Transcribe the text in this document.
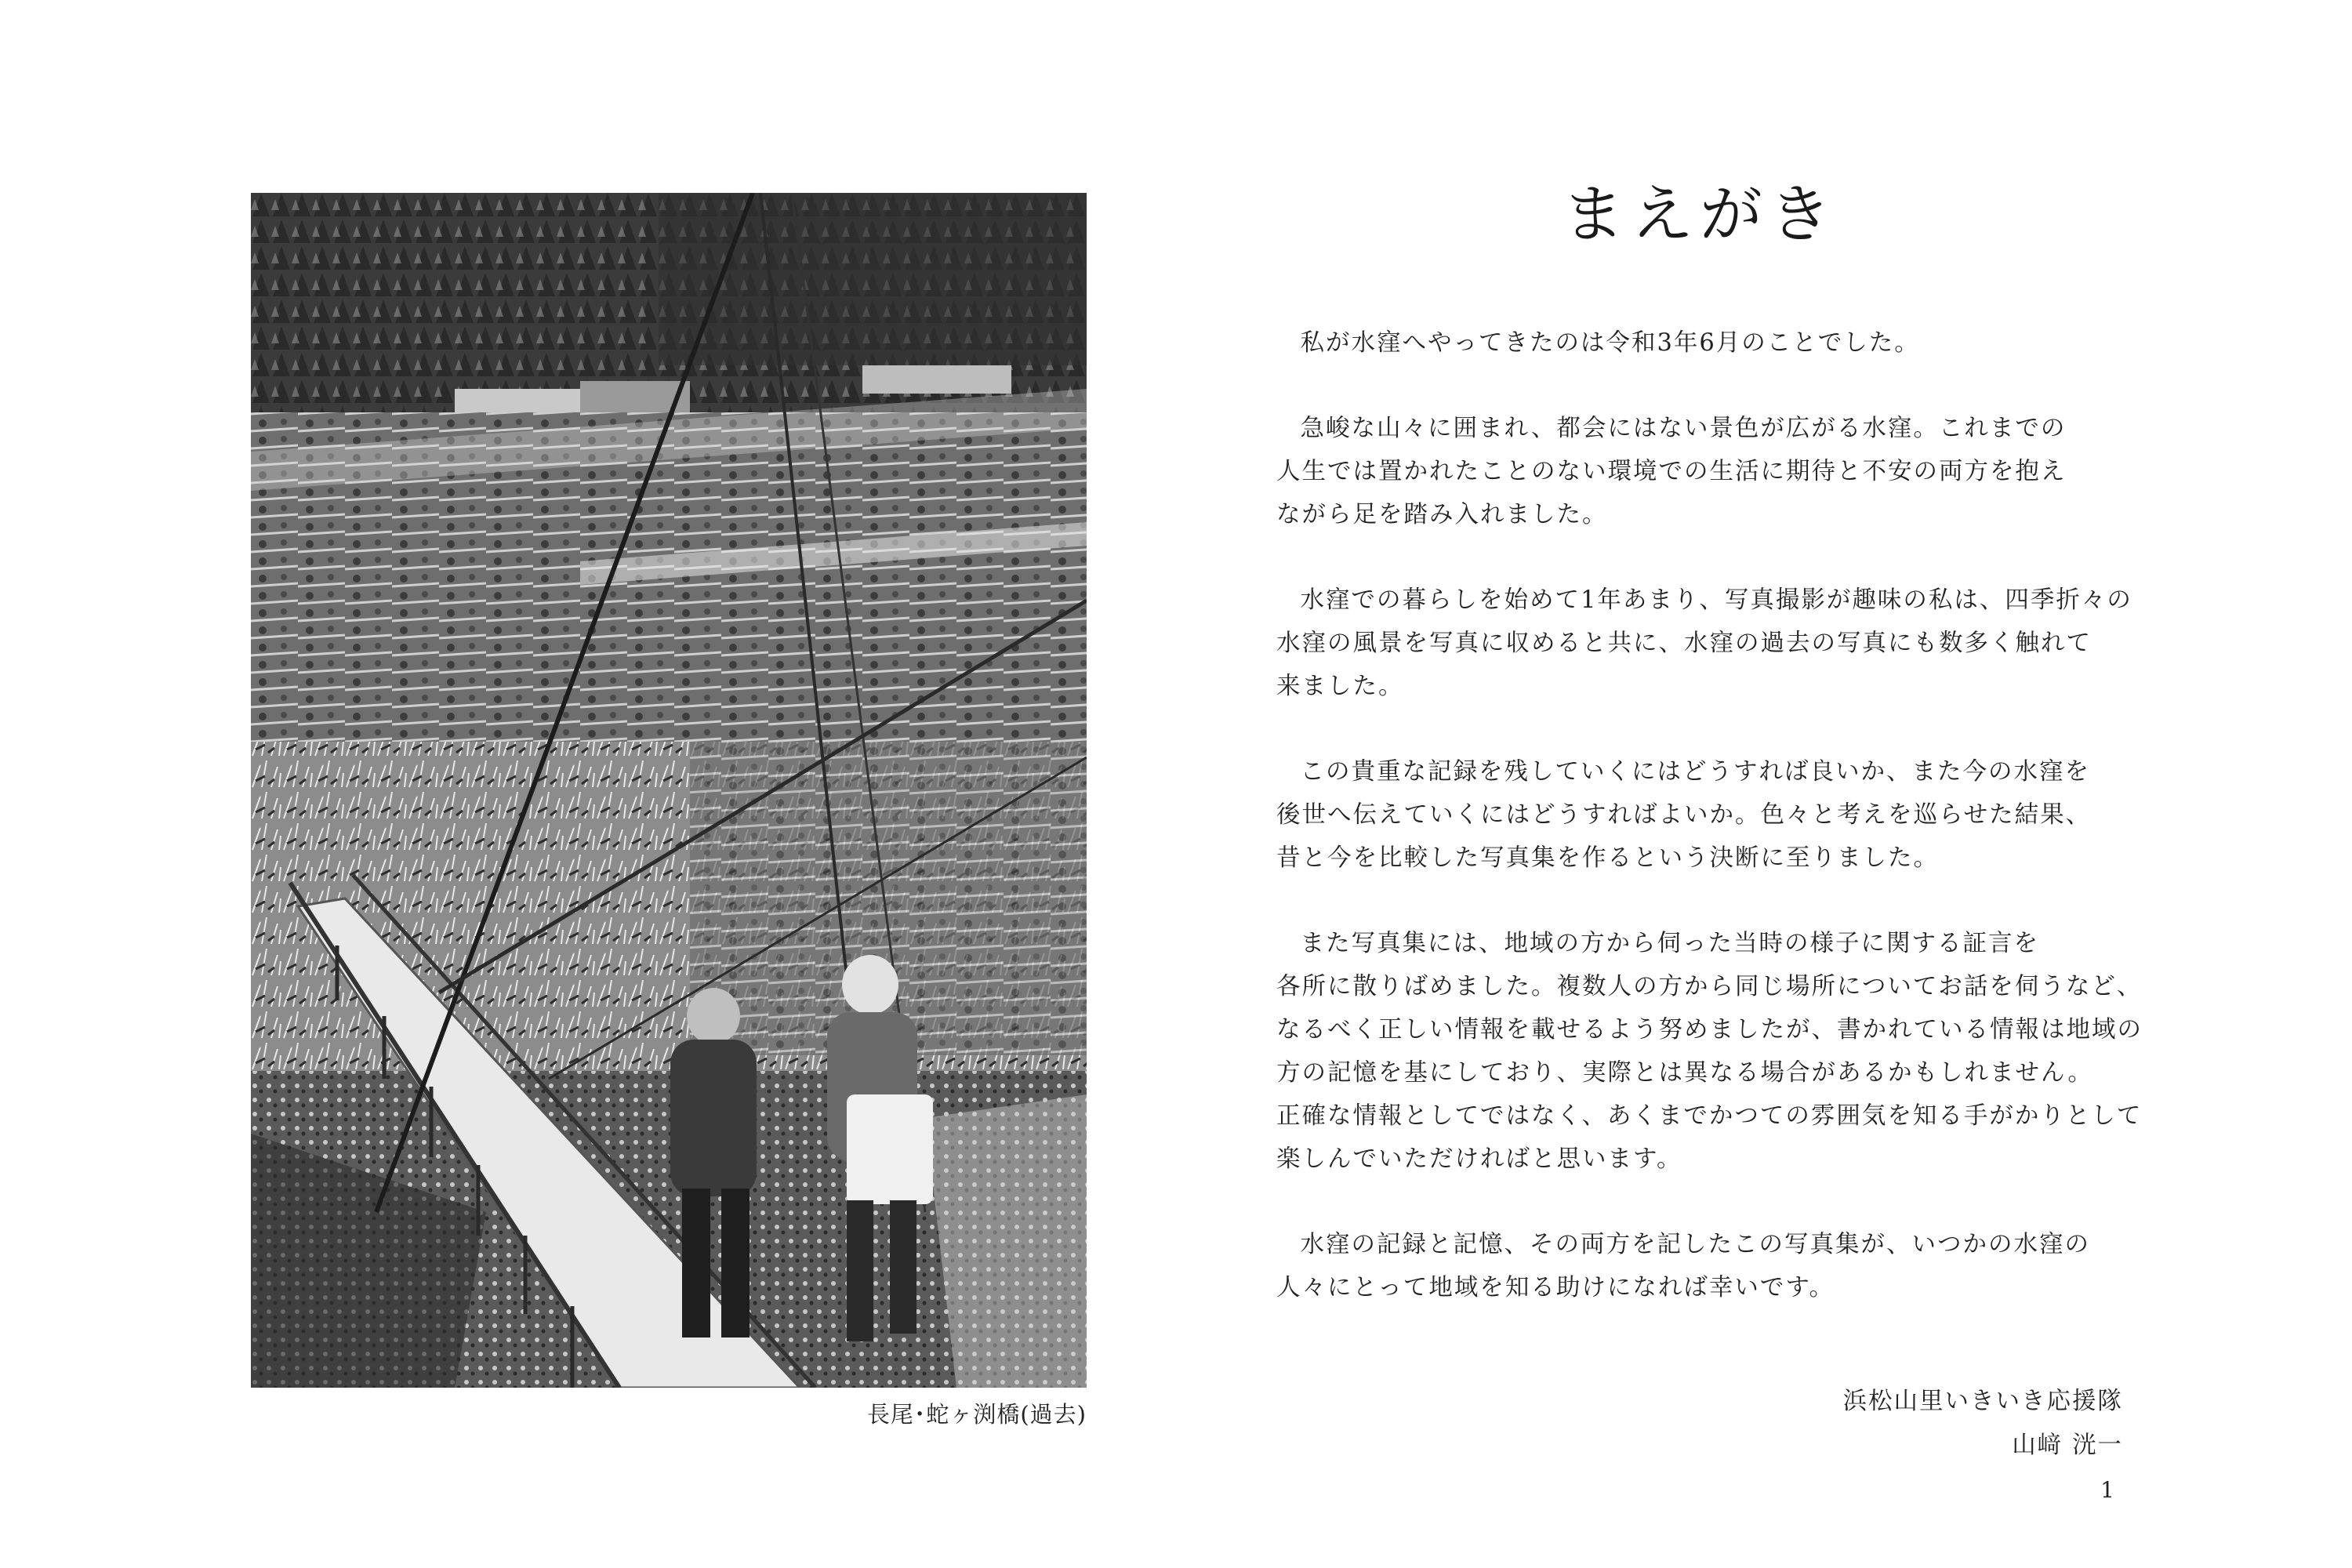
長尾･蛇ヶ渕橋(過去)
まえがき

私が水窪へやってきたのは令和3年6月のことでした。

急峻な山々に囲まれ、都会にはない景色が広がる水窪。これまでの
人生では置かれたことのない環境での生活に期待と不安の両方を抱え
ながら足を踏み入れました。

水窪での暮らしを始めて1年あまり、写真撮影が趣味の私は、四季折々の
水窪の風景を写真に収めると共に、水窪の過去の写真にも数多く触れて
来ました。

この貴重な記録を残していくにはどうすれば良いか、また今の水窪を
後世へ伝えていくにはどうすればよいか。色々と考えを巡らせた結果、
昔と今を比較した写真集を作るという決断に至りました。

また写真集には、地域の方から伺った当時の様子に関する証言を
各所に散りばめました。複数人の方から同じ場所についてお話を伺うなど、
なるべく正しい情報を載せるよう努めましたが、書かれている情報は地域の
方の記憶を基にしており、実際とは異なる場合があるかもしれません。
正確な情報としてではなく、あくまでかつての雰囲気を知る手がかりとして
楽しんでいただければと思います。

水窪の記録と記憶、その両方を記したこの写真集が、いつかの水窪の
人々にとって地域を知る助けになれば幸いです。

浜松山里いきいき応援隊
山﨑 洸一
1
